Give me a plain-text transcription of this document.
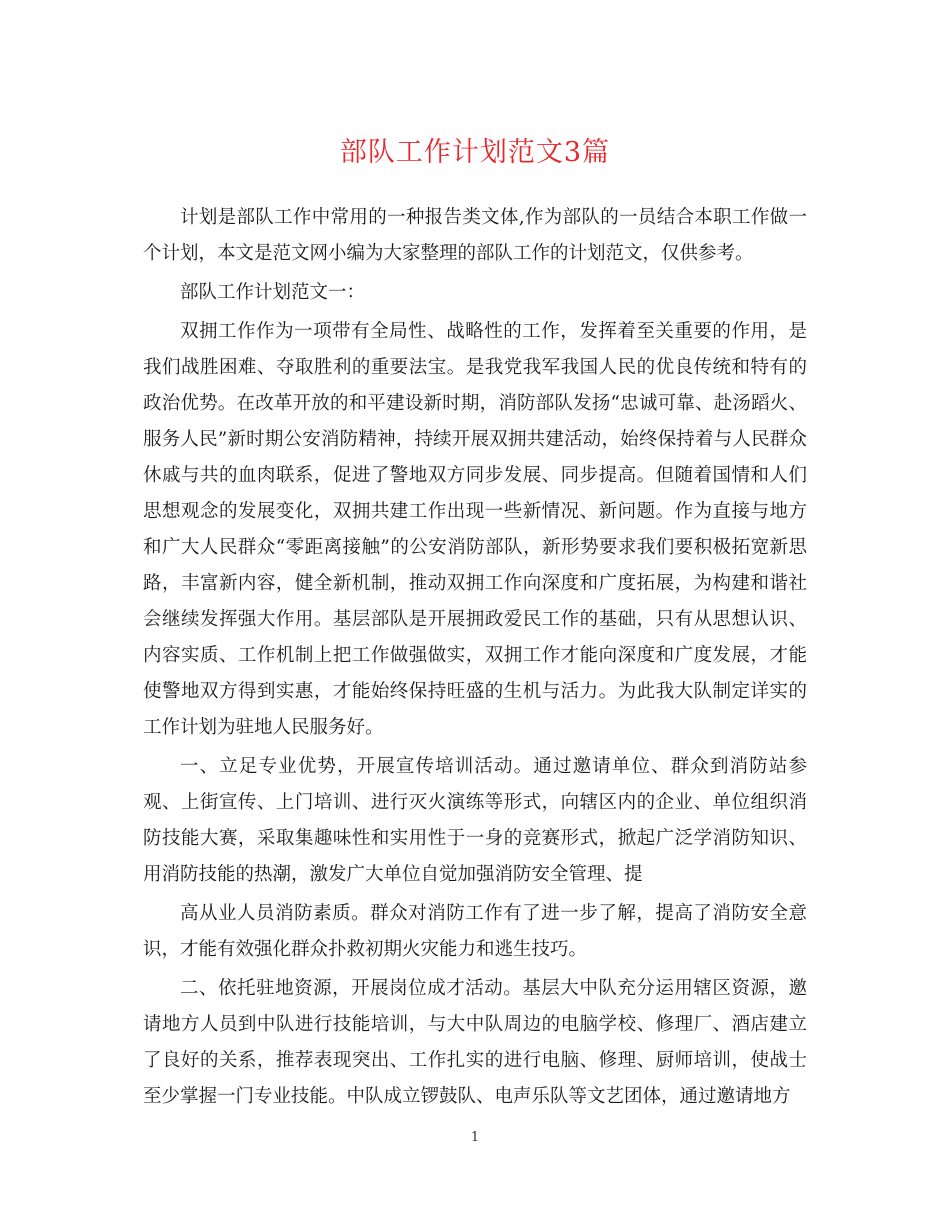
部队工作计划范文3篇

计划是部队工作中常用的一种报告类文体,作为部队的一员结合本职工作做一个计划，本文是范文网小编为大家整理的部队工作的计划范文，仅供参考。

部队工作计划范文一：

双拥工作作为一项带有全局性、战略性的工作，发挥着至关重要的作用，是我们战胜困难、夺取胜利的重要法宝。是我党我军我国人民的优良传统和特有的政治优势。在改革开放的和平建设新时期，消防部队发扬“忠诚可靠、赴汤蹈火、服务人民”新时期公安消防精神，持续开展双拥共建活动，始终保持着与人民群众休戚与共的血肉联系，促进了警地双方同步发展、同步提高。但随着国情和人们思想观念的发展变化，双拥共建工作出现一些新情况、新问题。作为直接与地方和广大人民群众“零距离接触”的公安消防部队，新形势要求我们要积极拓宽新思路，丰富新内容，健全新机制，推动双拥工作向深度和广度拓展，为构建和谐社会继续发挥强大作用。基层部队是开展拥政爱民工作的基础，只有从思想认识、内容实质、工作机制上把工作做强做实，双拥工作才能向深度和广度发展，才能使警地双方得到实惠，才能始终保持旺盛的生机与活力。为此我大队制定详实的工作计划为驻地人民服务好。

一、立足专业优势，开展宣传培训活动。通过邀请单位、群众到消防站参观、上街宣传、上门培训、进行灭火演练等形式，向辖区内的企业、单位组织消防技能大赛，采取集趣味性和实用性于一身的竞赛形式，掀起广泛学消防知识、用消防技能的热潮，激发广大单位自觉加强消防安全管理、提

高从业人员消防素质。群众对消防工作有了进一步了解，提高了消防安全意识，才能有效强化群众扑救初期火灾能力和逃生技巧。

二、依托驻地资源，开展岗位成才活动。基层大中队充分运用辖区资源，邀请地方人员到中队进行技能培训，与大中队周边的电脑学校、修理厂、酒店建立了良好的关系，推荐表现突出、工作扎实的进行电脑、修理、厨师培训，使战士至少掌握一门专业技能。中队成立锣鼓队、电声乐队等文艺团体，通过邀请地方

1
